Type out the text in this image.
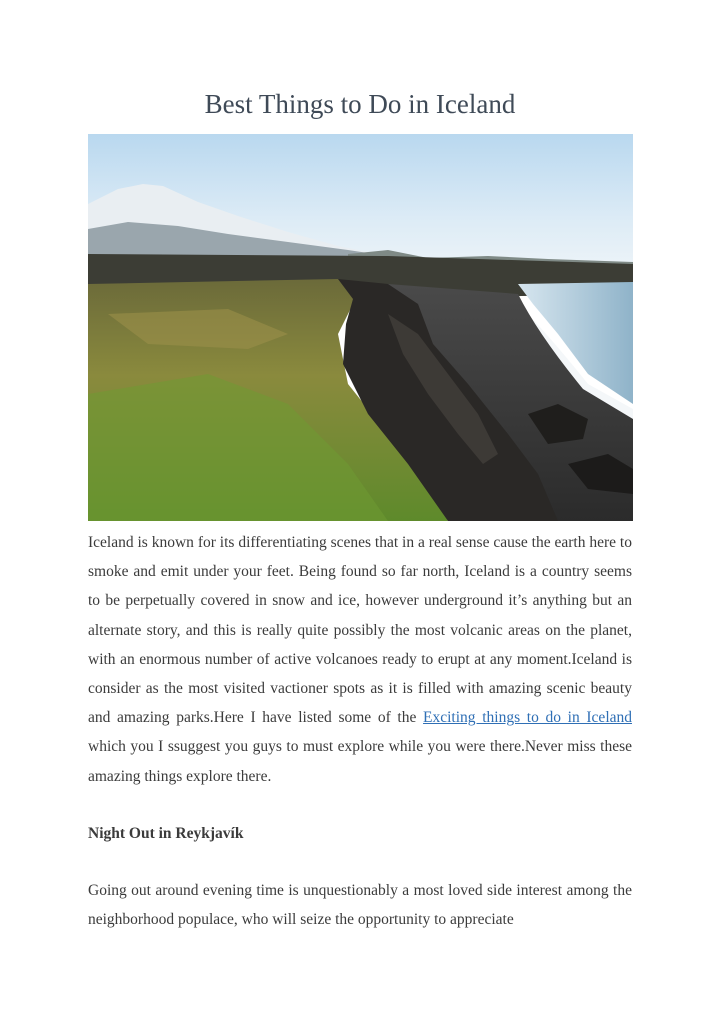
Best Things to Do in Iceland
Iceland is known for its differentiating scenes that in a real sense cause the earth here to smoke and emit under your feet. Being found so far north, Iceland is a country seems to be perpetually covered in snow and ice, however underground it’s anything but an alternate story, and this is really quite possibly the most volcanic areas on the planet, with an enormous number of active volcanoes ready to erupt at any moment.Iceland is consider as the most visited vactioner spots as it is filled with amazing scenic beauty and amazing parks.Here I have listed some of the Exciting things to do in Iceland which you I ssuggest you guys to must explore while you were there.Never miss these amazing things explore there.
Night Out in Reykjavík
Going out around evening time is unquestionably a most loved side interest among the neighborhood populace, who will seize the opportunity to appreciate
